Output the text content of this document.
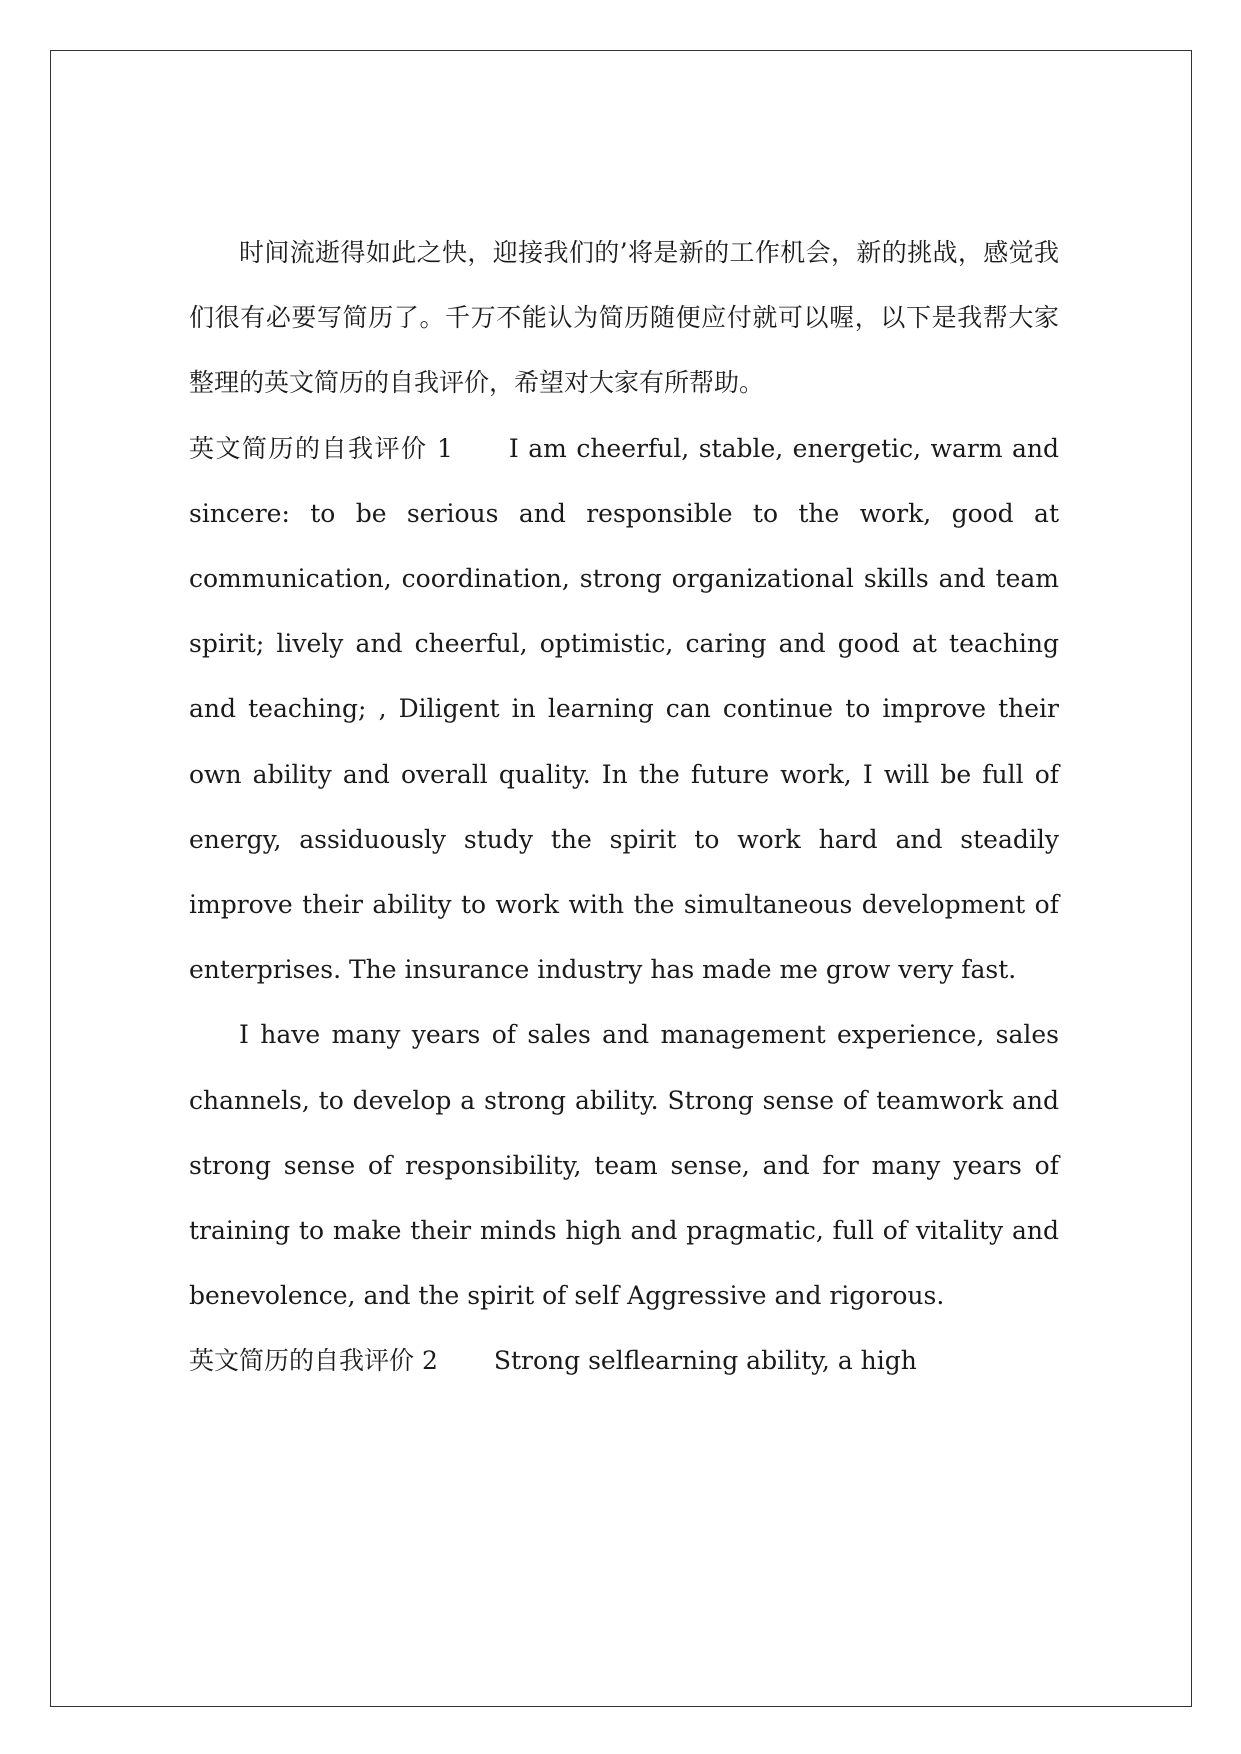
时间流逝得如此之快，迎接我们的’将是新的工作机会，新的挑战，感觉我们很有必要写简历了。千万不能认为简历随便应付就可以喔，以下是我帮大家整理的英文简历的自我评价，希望对大家有所帮助。

英文简历的自我评价 1 I am cheerful, stable, energetic, warm and sincere: to be serious and responsible to the work, good at communication, coordination, strong organizational skills and team spirit; lively and cheerful, optimistic, caring and good at teaching and teaching; , Diligent in learning can continue to improve their own ability and overall quality. In the future work, I will be full of energy, assiduously study the spirit to work hard and steadily improve their ability to work with the simultaneous development of enterprises. The insurance industry has made me grow very fast.

I have many years of sales and management experience, sales channels, to develop a strong ability. Strong sense of teamwork and strong sense of responsibility, team sense, and for many years of training to make their minds high and pragmatic, full of vitality and benevolence, and the spirit of self Aggressive and rigorous.

英文简历的自我评价 2 Strong selflearning ability, a high
